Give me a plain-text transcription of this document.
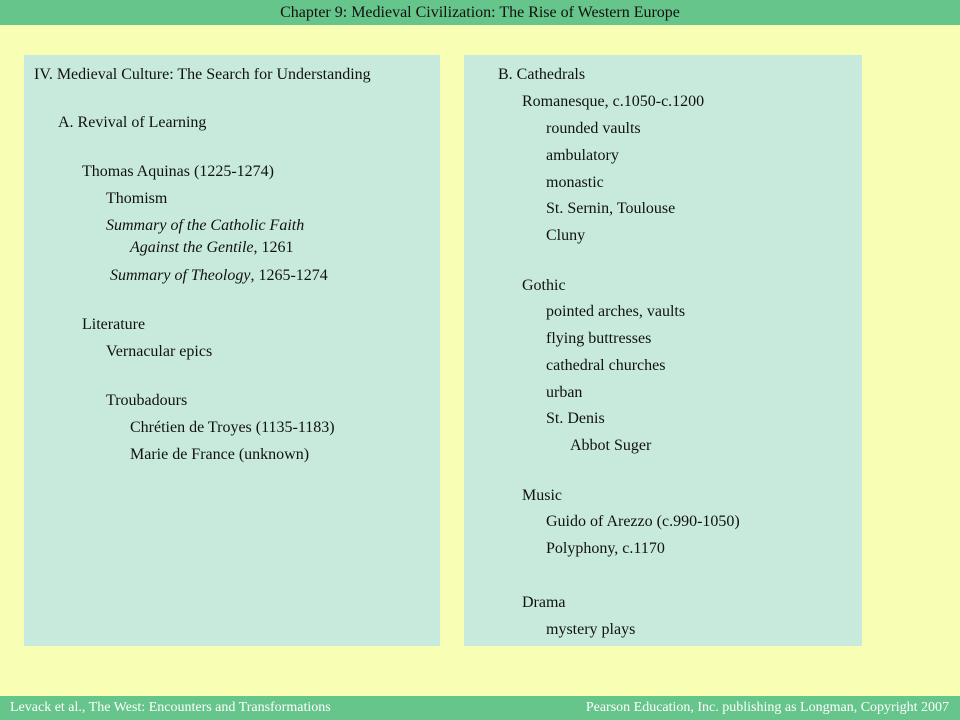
Chapter 9: Medieval Civilization: The Rise of Western Europe
IV. Medieval Culture: The Search for Understanding
A. Revival of Learning
Thomas Aquinas (1225-1274)
Thomism
Summary of the Catholic Faith
Against the Gentile, 1261
Summary of Theology, 1265-1274
Literature
Vernacular epics
Troubadours
Chrétien de Troyes (1135-1183)
Marie de France (unknown)
B. Cathedrals
Romanesque, c.1050-c.1200
rounded vaults
ambulatory
monastic
St. Sernin, Toulouse
Cluny
Gothic
pointed arches, vaults
flying buttresses
cathedral churches
urban
St. Denis
Abbot Suger
Music
Guido of Arezzo (c.990-1050)
Polyphony, c.1170
Drama
mystery plays
Levack et al., The West: Encounters and Transformations	Pearson Education, Inc. publishing as Longman, Copyright 2007
